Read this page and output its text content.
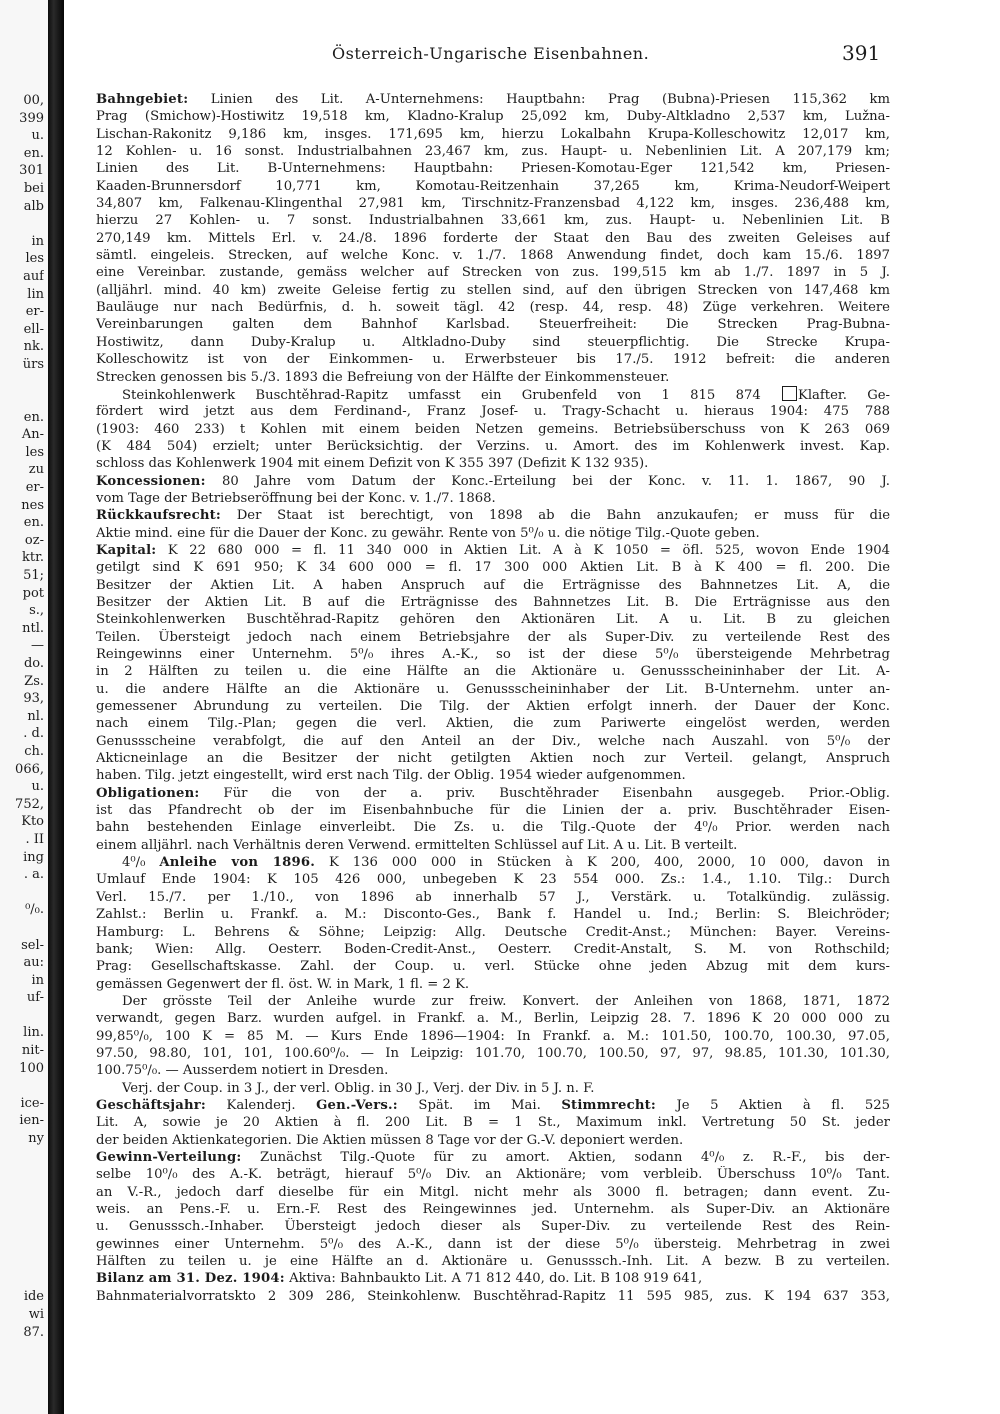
00,
399
u.
en.
301
bei
alb
in
les
auf
lin
er-
ell-
nk.
ürs
en.
An-
les
zu
er-
nes
en.
oz-
ktr.
51;
pot
s.,
ntl.
—
do.
Zs.
93,
nl.
. d.
ch.
066,
u.
752,
Kto
. II
ing
. a.
⁰/₀.
sel-
au:
in
uf-
lin.
nit-
100
ice-
ien-
ny
ide
wi
87.
Österreich-Ungarische Eisenbahnen.	391
Bahngebiet: Linien des Lit. A-Unternehmens: Hauptbahn: Prag (Bubna)-Priesen 115,362 km
Prag (Smichow)-Hostiwitz 19,518 km, Kladno-Kralup 25,092 km, Duby-Altkladno 2,537 km, Lužna-
Lischan-Rakonitz 9,186 km, insges. 171,695 km, hierzu Lokalbahn Krupa-Kolleschowitz 12,017 km,
12 Kohlen- u. 16 sonst. Industrialbahnen 23,467 km, zus. Haupt- u. Nebenlinien Lit. A 207,179 km;
Linien des Lit. B-Unternehmens: Hauptbahn: Priesen-Komotau-Eger 121,542 km, Priesen-
Kaaden-Brunnersdorf 10,771 km, Komotau-Reitzenhain 37,265 km, Krima-Neudorf-Weipert
34,807 km, Falkenau-Klingenthal 27,981 km, Tirschnitz-Franzensbad 4,122 km, insges. 236,488 km,
hierzu 27 Kohlen- u. 7 sonst. Industrialbahnen 33,661 km, zus. Haupt- u. Nebenlinien Lit. B
270,149 km. Mittels Erl. v. 24./8. 1896 forderte der Staat den Bau des zweiten Geleises auf
sämtl. eingeleis. Strecken, auf welche Konc. v. 1./7. 1868 Anwendung findet, doch kam 15./6. 1897
eine Vereinbar. zustande, gemäss welcher auf Strecken von zus. 199,515 km ab 1./7. 1897 in 5 J.
(alljährl. mind. 40 km) zweite Geleise fertig zu stellen sind, auf den übrigen Strecken von 147,468 km
Bauläuge nur nach Bedürfnis, d. h. soweit tägl. 42 (resp. 44, resp. 48) Züge verkehren. Weitere
Vereinbarungen galten dem Bahnhof Karlsbad. Steuerfreiheit: Die Strecken Prag-Bubna-
Hostiwitz, dann Duby-Kralup u. Altkladno-Duby sind steuerpflichtig. Die Strecke Krupa-
Kolleschowitz ist von der Einkommen- u. Erwerbsteuer bis 17./5. 1912 befreit: die anderen
Strecken genossen bis 5./3. 1893 die Befreiung von der Hälfte der Einkommensteuer.
Steinkohlenwerk Buschtěhrad-Rapitz umfasst ein Grubenfeld von 1 815 874 Klafter. Ge-
fördert wird jetzt aus dem Ferdinand-, Franz Josef- u. Tragy-Schacht u. hieraus 1904: 475 788
(1903: 460 233) t Kohlen mit einem beiden Netzen gemeins. Betriebsüberschuss von K 263 069
(K 484 504) erzielt; unter Berücksichtig. der Verzins. u. Amort. des im Kohlenwerk invest. Kap.
schloss das Kohlenwerk 1904 mit einem Defizit von K 355 397 (Defizit K 132 935).
Koncessionen: 80 Jahre vom Datum der Konc.-Erteilung bei der Konc. v. 11. 1. 1867, 90 J.
vom Tage der Betriebseröffnung bei der Konc. v. 1./7. 1868.
Rückkaufsrecht: Der Staat ist berechtigt, von 1898 ab die Bahn anzukaufen; er muss für die
Aktie mind. eine für die Dauer der Konc. zu gewähr. Rente von 5⁰/₀ u. die nötige Tilg.-Quote geben.
Kapital: K 22 680 000 = fl. 11 340 000 in Aktien Lit. A à K 1050 = öfl. 525, wovon Ende 1904
getilgt sind K 691 950; K 34 600 000 = fl. 17 300 000 Aktien Lit. B à K 400 = fl. 200. Die
Besitzer der Aktien Lit. A haben Anspruch auf die Erträgnisse des Bahnnetzes Lit. A, die
Besitzer der Aktien Lit. B auf die Erträgnisse des Bahnnetzes Lit. B. Die Erträgnisse aus den
Steinkohlenwerken Buschtěhrad-Rapitz gehören den Aktionären Lit. A u. Lit. B zu gleichen
Teilen. Übersteigt jedoch nach einem Betriebsjahre der als Super-Div. zu verteilende Rest des
Reingewinns einer Unternehm. 5⁰/₀ ihres A.-K., so ist der diese 5⁰/₀ übersteigende Mehrbetrag
in 2 Hälften zu teilen u. die eine Hälfte an die Aktionäre u. Genussscheininhaber der Lit. A-
u. die andere Hälfte an die Aktionäre u. Genussscheininhaber der Lit. B-Unternehm. unter an-
gemessener Abrundung zu verteilen. Die Tilg. der Aktien erfolgt innerh. der Dauer der Konc.
nach einem Tilg.-Plan; gegen die verl. Aktien, die zum Pariwerte eingelöst werden, werden
Genussscheine verabfolgt, die auf den Anteil an der Div., welche nach Auszahl. von 5⁰/₀ der
Akticneinlage an die Besitzer der nicht getilgten Aktien noch zur Verteil. gelangt, Anspruch
haben. Tilg. jetzt eingestellt, wird erst nach Tilg. der Oblig. 1954 wieder aufgenommen.
Obligationen: Für die von der a. priv. Buschtěhrader Eisenbahn ausgegeb. Prior.-Oblig.
ist das Pfandrecht ob der im Eisenbahnbuche für die Linien der a. priv. Buschtěhrader Eisen-
bahn bestehenden Einlage einverleibt. Die Zs. u. die Tilg.-Quote der 4⁰/₀ Prior. werden nach
einem alljährl. nach Verhältnis deren Verwend. ermittelten Schlüssel auf Lit. A u. Lit. B verteilt.
4⁰/₀ Anleihe von 1896. K 136 000 000 in Stücken à K 200, 400, 2000, 10 000, davon in
Umlauf Ende 1904: K 105 426 000, unbegeben K 23 554 000. Zs.: 1.4., 1.10. Tilg.: Durch
Verl. 15./7. per 1./10., von 1896 ab innerhalb 57 J., Verstärk. u. Totalkündig. zulässig.
Zahlst.: Berlin u. Frankf. a. M.: Disconto-Ges., Bank f. Handel u. Ind.; Berlin: S. Bleichröder;
Hamburg: L. Behrens & Söhne; Leipzig: Allg. Deutsche Credit-Anst.; München: Bayer. Vereins-
bank; Wien: Allg. Oesterr. Boden-Credit-Anst., Oesterr. Credit-Anstalt, S. M. von Rothschild;
Prag: Gesellschaftskasse. Zahl. der Coup. u. verl. Stücke ohne jeden Abzug mit dem kurs-
gemässen Gegenwert der fl. öst. W. in Mark, 1 fl. = 2 K.
Der grösste Teil der Anleihe wurde zur freiw. Konvert. der Anleihen von 1868, 1871, 1872
verwandt, gegen Barz. wurden aufgel. in Frankf. a. M., Berlin, Leipzig 28. 7. 1896 K 20 000 000 zu
99,85⁰/₀, 100 K = 85 M. — Kurs Ende 1896—1904: In Frankf. a. M.: 101.50, 100.70, 100.30, 97.05,
97.50, 98.80, 101, 101, 100.60⁰/₀. — In Leipzig: 101.70, 100.70, 100.50, 97, 97, 98.85, 101.30, 101.30,
100.75⁰/₀. — Ausserdem notiert in Dresden.
Verj. der Coup. in 3 J., der verl. Oblig. in 30 J., Verj. der Div. in 5 J. n. F.
Geschäftsjahr: Kalenderj. Gen.-Vers.: Spät. im Mai. Stimmrecht: Je 5 Aktien à fl. 525
Lit. A, sowie je 20 Aktien à fl. 200 Lit. B = 1 St., Maximum inkl. Vertretung 50 St. jeder
der beiden Aktienkategorien. Die Aktien müssen 8 Tage vor der G.-V. deponiert werden.
Gewinn-Verteilung: Zunächst Tilg.-Quote für zu amort. Aktien, sodann 4⁰/₀ z. R.-F., bis der-
selbe 10⁰/₀ des A.-K. beträgt, hierauf 5⁰/₀ Div. an Aktionäre; vom verbleib. Überschuss 10⁰/₀ Tant.
an V.-R., jedoch darf dieselbe für ein Mitgl. nicht mehr als 3000 fl. betragen; dann event. Zu-
weis. an Pens.-F. u. Ern.-F. Rest des Reingewinnes jed. Unternehm. als Super-Div. an Aktionäre
u. Genusssch.-Inhaber. Übersteigt jedoch dieser als Super-Div. zu verteilende Rest des Rein-
gewinnes einer Unternehm. 5⁰/₀ des A.-K., dann ist der diese 5⁰/₀ übersteig. Mehrbetrag in zwei
Hälften zu teilen u. je eine Hälfte an d. Aktionäre u. Genusssch.-Inh. Lit. A bezw. B zu verteilen.
Bilanz am 31. Dez. 1904: Aktiva: Bahnbaukto Lit. A 71 812 440, do. Lit. B 108 919 641,
Bahnmaterialvorratskto 2 309 286, Steinkohlenw. Buschtěhrad-Rapitz 11 595 985, zus. K 194 637 353,
